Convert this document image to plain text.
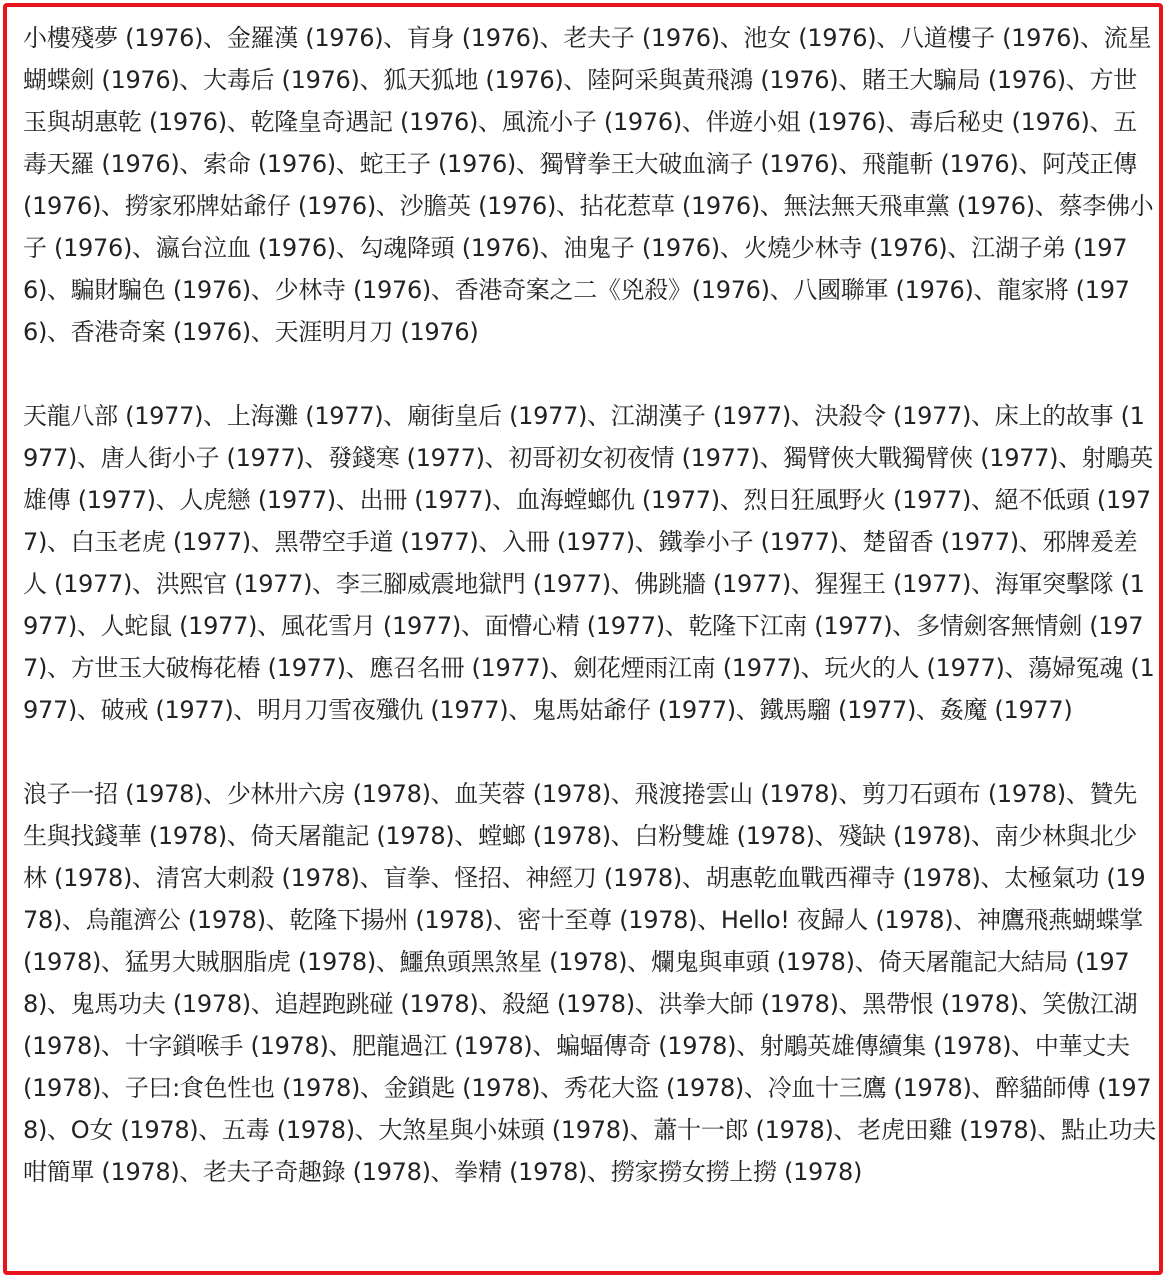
小樓殘夢 (1976)、金羅漢 (1976)、肓身 (1976)、老夫子 (1976)、池女 (1976)、八道樓子 (1976)、流星蝴蝶劍 (1976)、大毒后 (1976)、狐天狐地 (1976)、陸阿采與黃飛鴻 (1976)、賭王大騙局 (1976)、方世玉與胡惠乾 (1976)、乾隆皇奇遇記 (1976)、風流小子 (1976)、伴遊小姐 (1976)、毒后秘史 (1976)、五毒天羅 (1976)、索命 (1976)、蛇王子 (1976)、獨臂拳王大破血滴子 (1976)、飛龍斬 (1976)、阿茂正傳 (1976)、撈家邪牌姑爺仔 (1976)、沙膽英 (1976)、拈花惹草 (1976)、無法無天飛車黨 (1976)、蔡李佛小子 (1976)、瀛台泣血 (1976)、勾魂降頭 (1976)、油鬼子 (1976)、火燒少林寺 (1976)、江湖子弟 (1976)、騙財騙色 (1976)、少林寺 (1976)、香港奇案之二《兇殺》(1976)、八國聯軍 (1976)、龍家將 (1976)、香港奇案 (1976)、天涯明月刀 (1976)

天龍八部 (1977)、上海灘 (1977)、廟街皇后 (1977)、江湖漢子 (1977)、決殺令 (1977)、床上的故事 (1977)、唐人街小子 (1977)、發錢寒 (1977)、初哥初女初夜情 (1977)、獨臂俠大戰獨臂俠 (1977)、射鵰英雄傳 (1977)、人虎戀 (1977)、出冊 (1977)、血海螳螂仇 (1977)、烈日狂風野火 (1977)、絕不低頭 (1977)、白玉老虎 (1977)、黑帶空手道 (1977)、入冊 (1977)、鐵拳小子 (1977)、楚留香 (1977)、邪牌爰差人 (1977)、洪熙官 (1977)、李三腳威震地獄門 (1977)、佛跳牆 (1977)、猩猩王 (1977)、海軍突擊隊 (1977)、人蛇鼠 (1977)、風花雪月 (1977)、面懵心精 (1977)、乾隆下江南 (1977)、多情劍客無情劍 (1977)、方世玉大破梅花樁 (1977)、應召名冊 (1977)、劍花煙雨江南 (1977)、玩火的人 (1977)、蕩婦冤魂 (1977)、破戒 (1977)、明月刀雪夜殲仇 (1977)、鬼馬姑爺仔 (1977)、鐵馬騮 (1977)、姦魔 (1977)

浪子一招 (1978)、少林卅六房 (1978)、血芙蓉 (1978)、飛渡捲雲山 (1978)、剪刀石頭布 (1978)、贊先生與找錢華 (1978)、倚天屠龍記 (1978)、螳螂 (1978)、白粉雙雄 (1978)、殘缺 (1978)、南少林與北少林 (1978)、清宮大刺殺 (1978)、盲拳、怪招、神經刀 (1978)、胡惠乾血戰西禪寺 (1978)、太極氣功 (1978)、烏龍濟公 (1978)、乾隆下揚州 (1978)、密十至尊 (1978)、Hello! 夜歸人 (1978)、神鷹飛燕蝴蝶掌 (1978)、猛男大賊胭脂虎 (1978)、鱷魚頭黑煞星 (1978)、爛鬼與車頭 (1978)、倚天屠龍記大結局 (1978)、鬼馬功夫 (1978)、追趕跑跳碰 (1978)、殺絕 (1978)、洪拳大師 (1978)、黑帶恨 (1978)、笑傲江湖 (1978)、十字鎖喉手 (1978)、肥龍過江 (1978)、蝙蝠傳奇 (1978)、射鵰英雄傳續集 (1978)、中華丈夫 (1978)、子曰:食色性也 (1978)、金鎖匙 (1978)、秀花大盜 (1978)、冷血十三鷹 (1978)、醉貓師傅 (1978)、O女 (1978)、五毒 (1978)、大煞星與小妹頭 (1978)、蕭十一郎 (1978)、老虎田雞 (1978)、點止功夫咁簡單 (1978)、老夫子奇趣錄 (1978)、拳精 (1978)、撈家撈女撈上撈 (1978)
